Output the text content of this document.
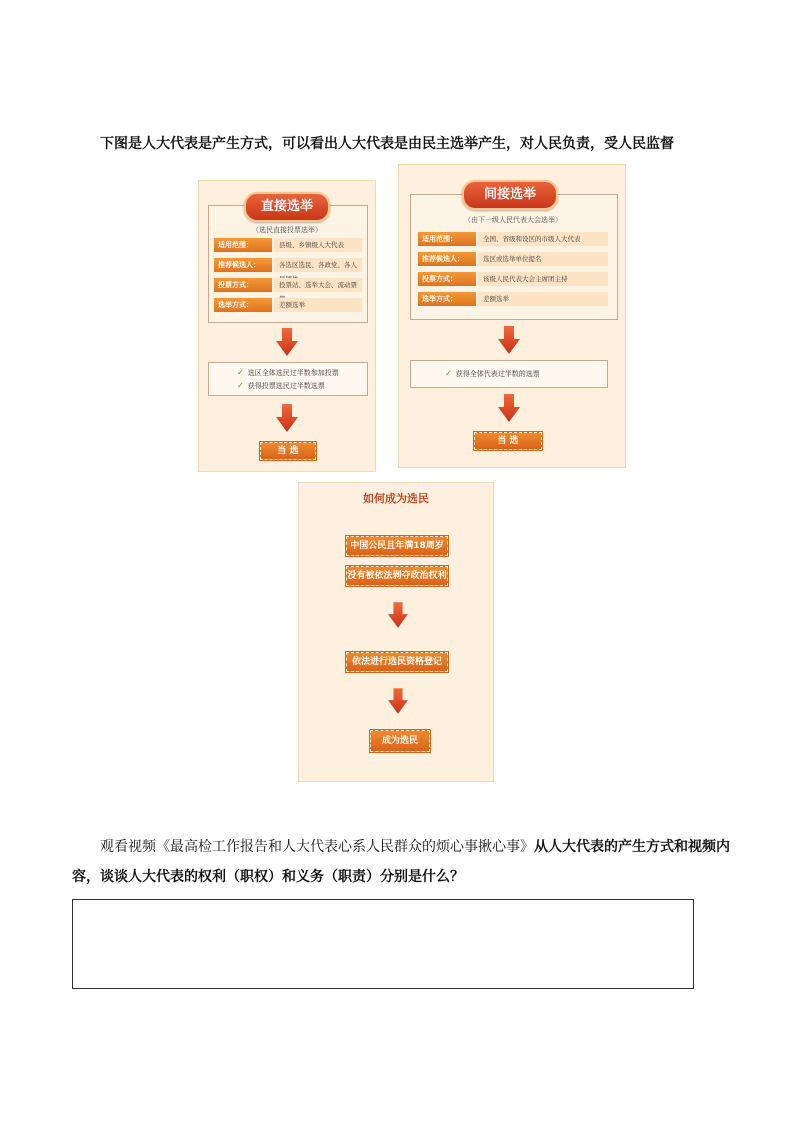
下图是人大代表是产生方式，可以看出人大代表是由民主选举产生，对人民负责，受人民监督
直接选举
（选民直接投票选举）
适用范围：	县级、乡镇级人大代表
推荐候选人：	各选区选民、各政党、各人
投票方式：	投票站、选举大会、流动票
选举方式：	差额选举
✓ 选区全体选民过半数参加投票
✓ 获得投票选民过半数选票
当 选
间接选举
（由下一级人民代表大会选举）
适用范围：	全国、省级和设区的市级人大代表
推荐候选人：	选区或选举单位提名
投票方式：	该级人民代表大会主席团主持
选举方式：	差额选举
✓ 获得全体代表过半数的选票
当 选
如何成为选民
中国公民且年满18周岁
没有被依法剥夺政治权利
依法进行选民资格登记
成为选民
观看视频《最高检工作报告和人大代表心系人民群众的烦心事揪心事》从人大代表的产生方式和视频内容，谈谈人大代表的权利（职权）和义务（职责）分别是什么？
